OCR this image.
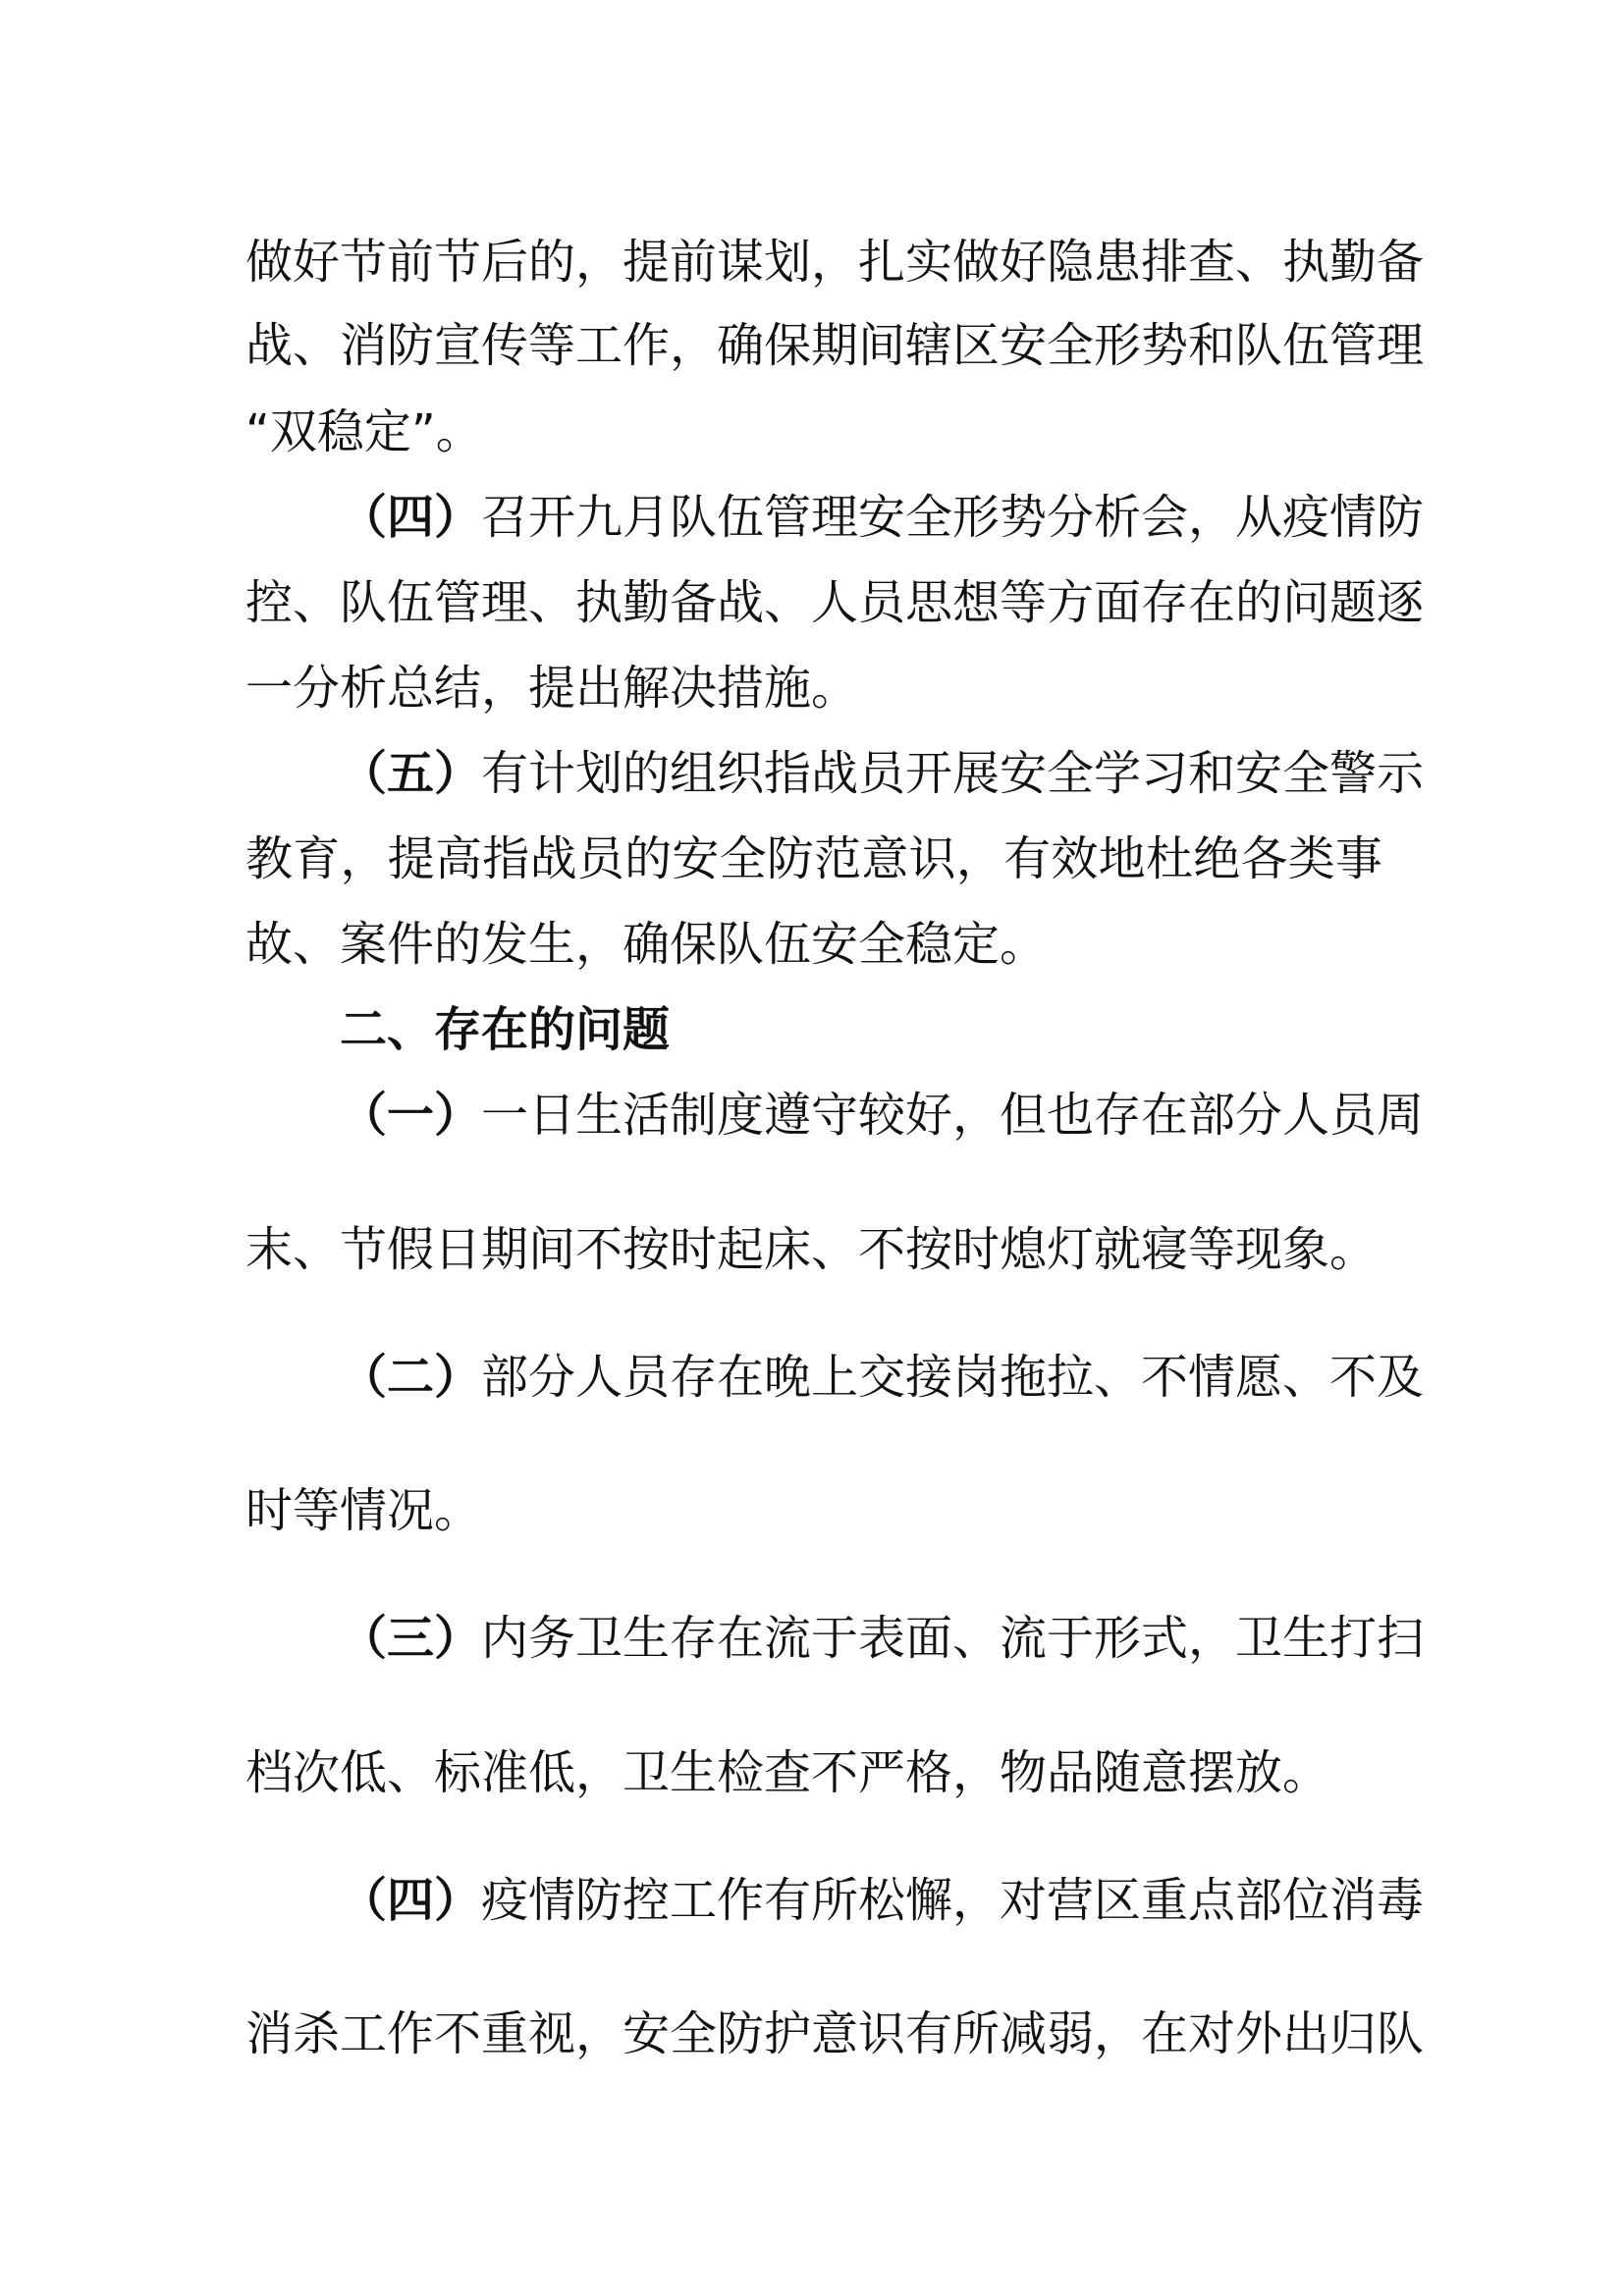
做好节前节后的，提前谋划，扎实做好隐患排查、执勤备
战、消防宣传等工作，确保期间辖区安全形势和队伍管理
“双稳定”。
（四）召开九月队伍管理安全形势分析会，从疫情防
控、队伍管理、执勤备战、人员思想等方面存在的问题逐
一分析总结，提出解决措施。
（五）有计划的组织指战员开展安全学习和安全警示
教育，提高指战员的安全防范意识，有效地杜绝各类事
故、案件的发生，确保队伍安全稳定。
二、存在的问题
（一）一日生活制度遵守较好，但也存在部分人员周
末、节假日期间不按时起床、不按时熄灯就寝等现象。
（二）部分人员存在晚上交接岗拖拉、不情愿、不及
时等情况。
（三）内务卫生存在流于表面、流于形式，卫生打扫
档次低、标准低，卫生检查不严格，物品随意摆放。
（四）疫情防控工作有所松懈，对营区重点部位消毒
消杀工作不重视，安全防护意识有所减弱，在对外出归队
